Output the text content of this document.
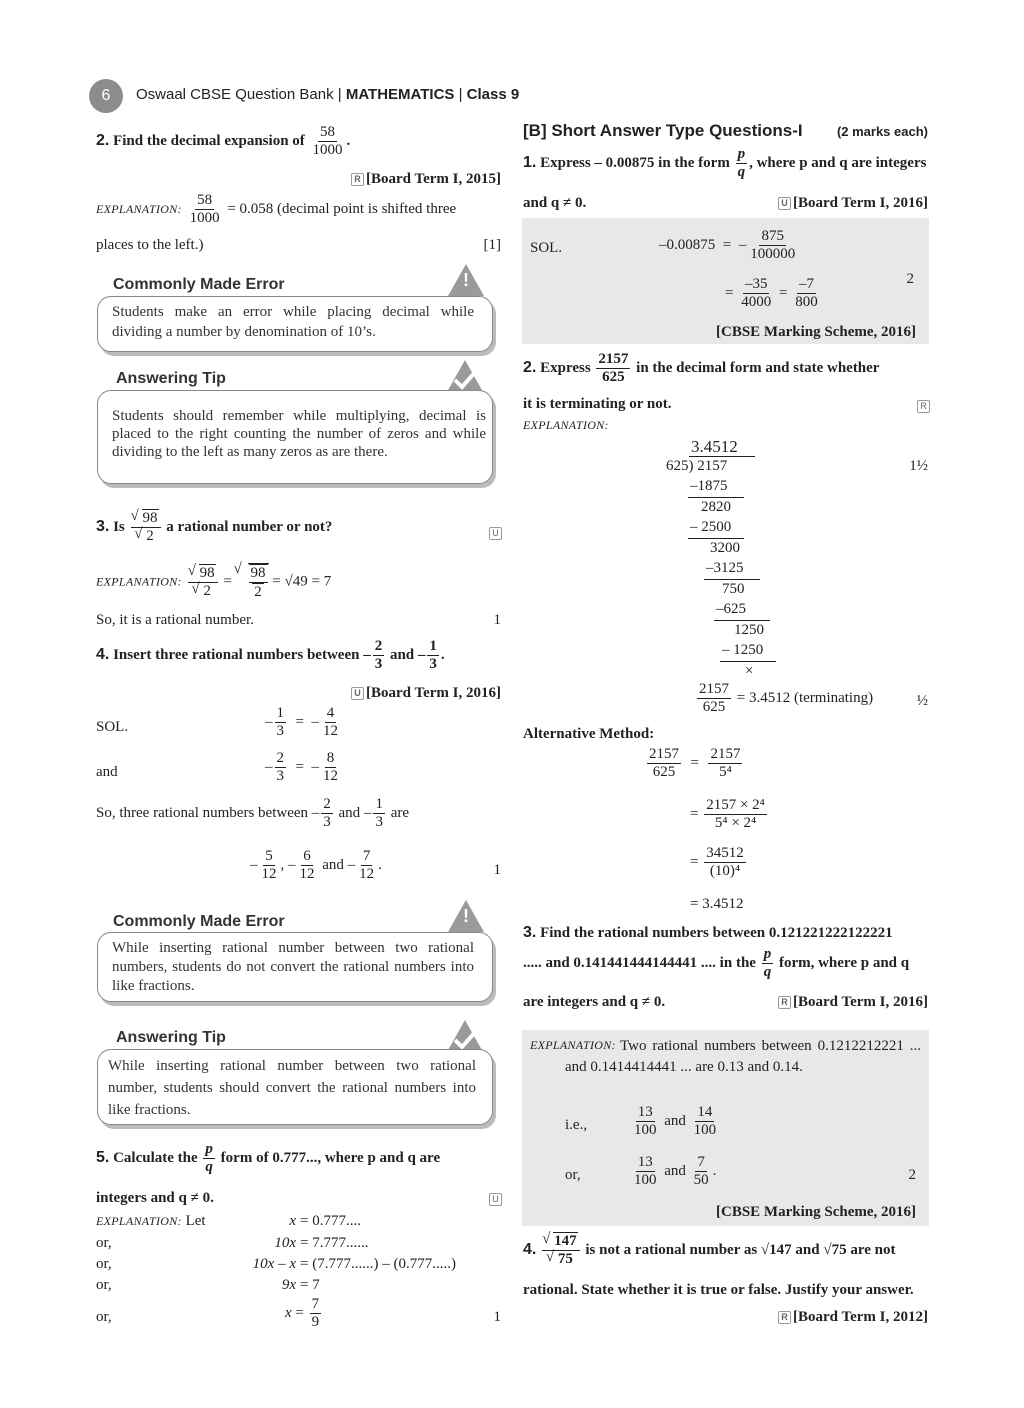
6 Oswaal CBSE Question Bank | MATHEMATICS | Class 9
2. Find the decimal expansion of $\frac{58}{1000}$ .
R [Board Term I, 2015]
EXPLANATION: $\frac{58}{1000} = 0.058$ (decimal point is shifted three
places to the left.)	[1]
Commonly Made Error	!
Students make an error while placing decimal while dividing a number by denomination of 10’s.
Answering Tip
Students should remember while multiplying, decimal is placed to the right counting the number of zeros and while dividing to the left as many zeros as are there.
3. Is √ 98
√ 2 a rational number or not?	U
EXPLANATION: √ 98
√ 2 = √ $\frac{98}{2} = √49 = 7$
So, it is a rational number.	1
4. Insert three rational numbers between – $\frac{2}{3}$ and – $\frac{1}{3}$ .
U [Board Term I, 2016]
SOL.	– $\frac{1}{3}$ =  – $\frac{4}{12}$
and	– $\frac{2}{3}$ =  – $\frac{8}{12}$
So, three rational numbers between – $\frac{2}{3}$ and – $\frac{1}{3}$ are
– $\frac{5}{12}$ , – $\frac{6}{12}$ and – $\frac{7}{12}$ .	1
Commonly Made Error	!
While inserting rational number between two rational numbers, students do not convert the rational numbers into like fractions.
Answering Tip
While inserting rational number between two rational number, students should convert the rational numbers into like fractions.
5. Calculate the $\frac{p}{q}$ form of 0.777..., where p and q are
integers and q ≠ 0.	U
EXPLANATION: Let	x = 0.777....
or,	10x = 7.777......
or,	10x – x = (7.777......) – (0.777.....)
or,	9x = 7
or,	$x = \frac{7}{9}$	1
[B] Short Answer Type Questions-I	(2 marks each)
1. Express – 0.00875 in the form $\frac{p}{q}$ , where p and q are integers
and q ≠ 0.	U [Board Term I, 2016]
SOL.	–0.00875 =  – $\frac{875}{100000}$
= $\frac{-35}{4000} = \frac{-7}{800}$	2
[CBSE Marking Scheme, 2016]
2. Express $\frac{2157}{625}$ in the decimal form and state whether
it is terminating or not.	R
EXPLANATION:
3.4512
625) 2157	1½
–1875
2820
– 2500
3200
–3125
750
–625
1250
– 1250
×
$\frac{2157}{625} = 3.4512$ (terminating)	½
Alternative Method:
$\frac{2157}{625} = \frac{2157}{\text{5⁴}}$
= $\frac{\text{2157 × 2⁴}}{\text{5⁴ × 2⁴}}$
= $\frac{34512}{\text{(10)⁴}}$
= 3.4512
3. Find the rational numbers between 0.121221222122221
..... and 0.141441444144441 .... in the $\frac{p}{q}$ form, where p and q
are integers and q ≠ 0.	R [Board Term I, 2016]
EXPLANATION: Two rational numbers between 0.1212212221 ... and 0.1414414441 ... are 0.13 and 0.14.
i.e.,	$\frac{13}{100}$ and $\frac{14}{100}$
or,	$\frac{13}{100}$ and $\frac{7}{50}$ .	2
[CBSE Marking Scheme, 2016]
4. √ 147
√ 75 is not a rational number as √147 and √75 are not
rational. State whether it is true or false. Justify your answer.
R [Board Term I, 2012]
